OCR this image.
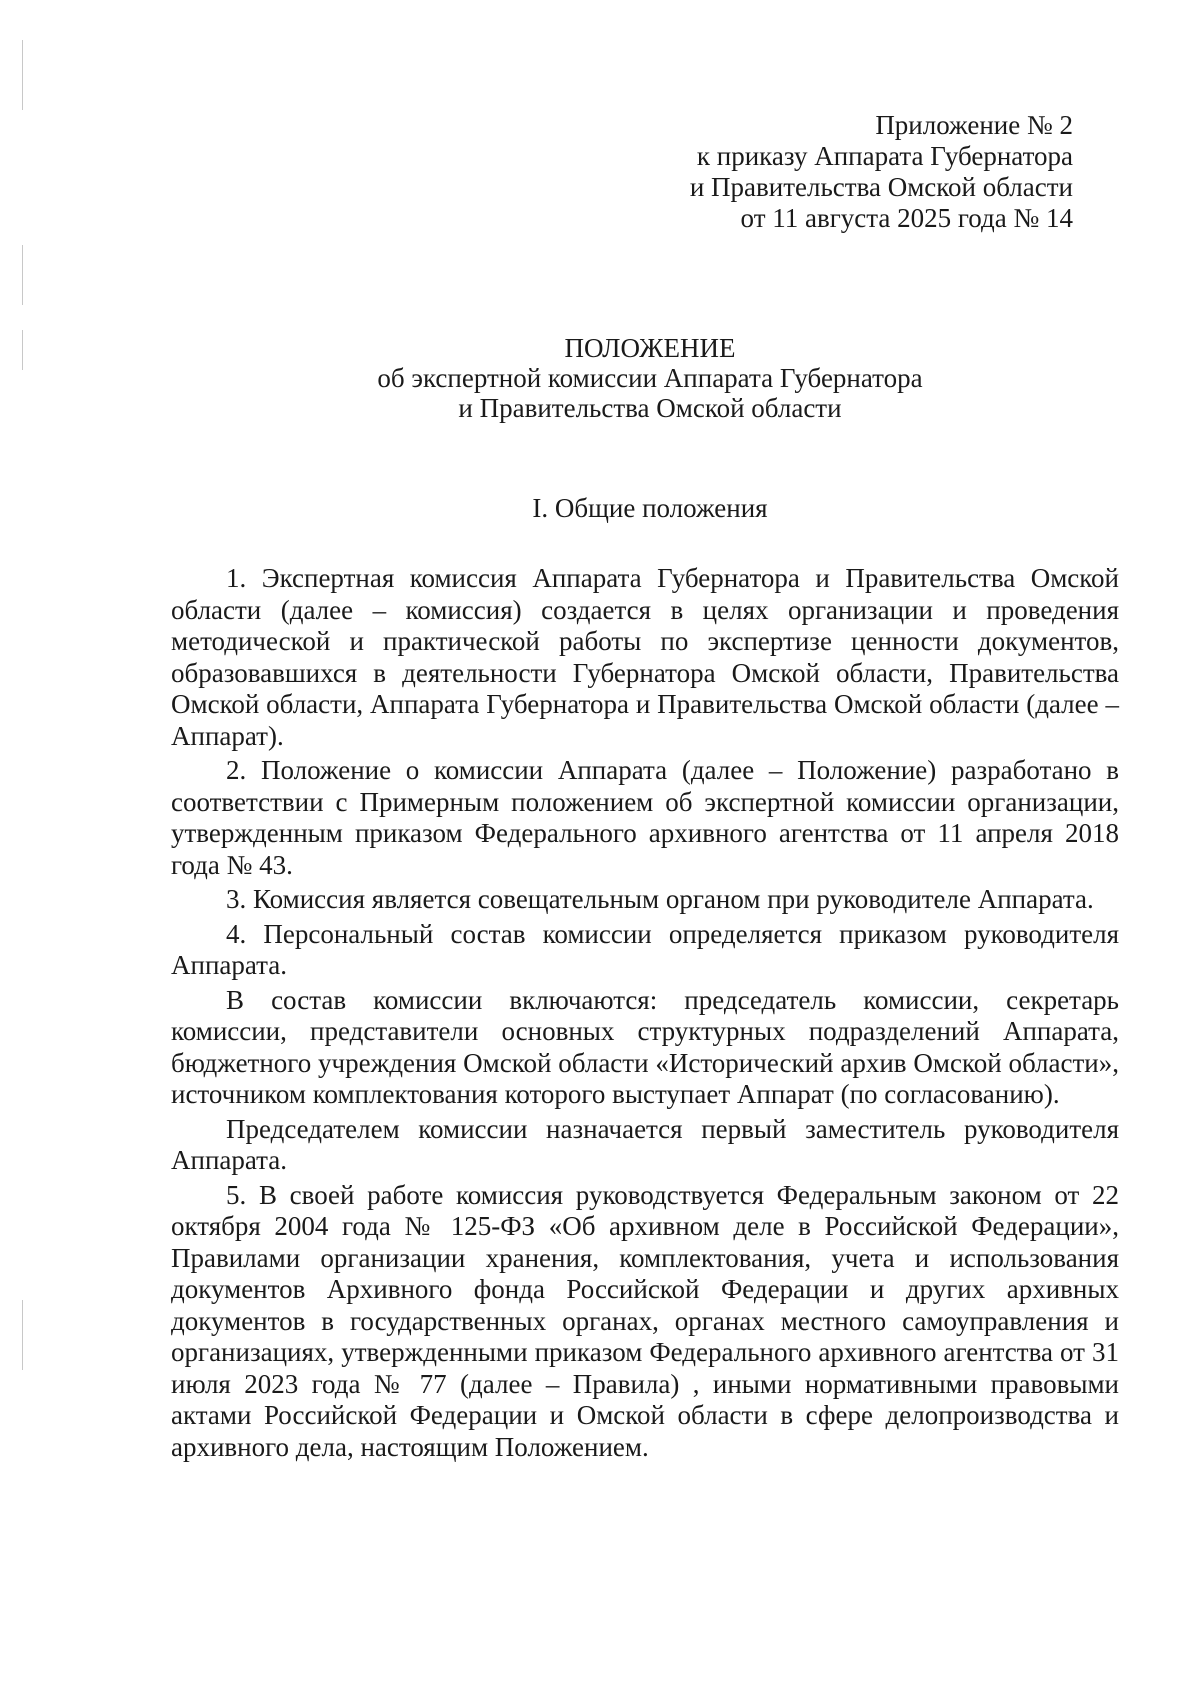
Приложение № 2
к приказу Аппарата Губернатора
и Правительства Омской области
от 11 августа 2025 года № 14
ПОЛОЖЕНИЕ
об экспертной комиссии Аппарата Губернатора
и Правительства Омской области
I. Общие положения

1. Экспертная комиссия Аппарата Губернатора и Правительства Омской области (далее – комиссия) создается в целях организации и проведения методической и практической работы по экспертизе ценности документов, образовавшихся в деятельности Губернатора Омской области, Правительства Омской области, Аппарата Губернатора и Правительства Омской области (далее – Аппарат).

2. Положение о комиссии Аппарата (далее – Положение) разработано в соответствии с Примерным положением об экспертной комиссии организации, утвержденным приказом Федерального архивного агентства от 11 апреля 2018 года № 43.

3. Комиссия является совещательным органом при руководителе Аппарата.

4. Персональный состав комиссии определяется приказом руководителя Аппарата.

В состав комиссии включаются: председатель комиссии, секретарь комиссии, представители основных структурных подразделений Аппарата, бюджетного учреждения Омской области «Исторический архив Омской области», источником комплектования которого выступает Аппарат (по согласованию).

Председателем комиссии назначается первый заместитель руководителя Аппарата.

5. В своей работе комиссия руководствуется Федеральным законом от 22 октября 2004 года № 125-ФЗ «Об архивном деле в Российской Федерации», Правилами организации хранения, комплектования, учета и использования документов Архивного фонда Российской Федерации и других архивных документов в государственных органах, органах местного самоуправления и организациях, утвержденными приказом Федерального архивного агентства от 31 июля 2023 года № 77 (далее – Правила) , иными нормативными правовыми актами Российской Федерации и Омской области в сфере делопроизводства и архивного дела, настоящим Положением.
